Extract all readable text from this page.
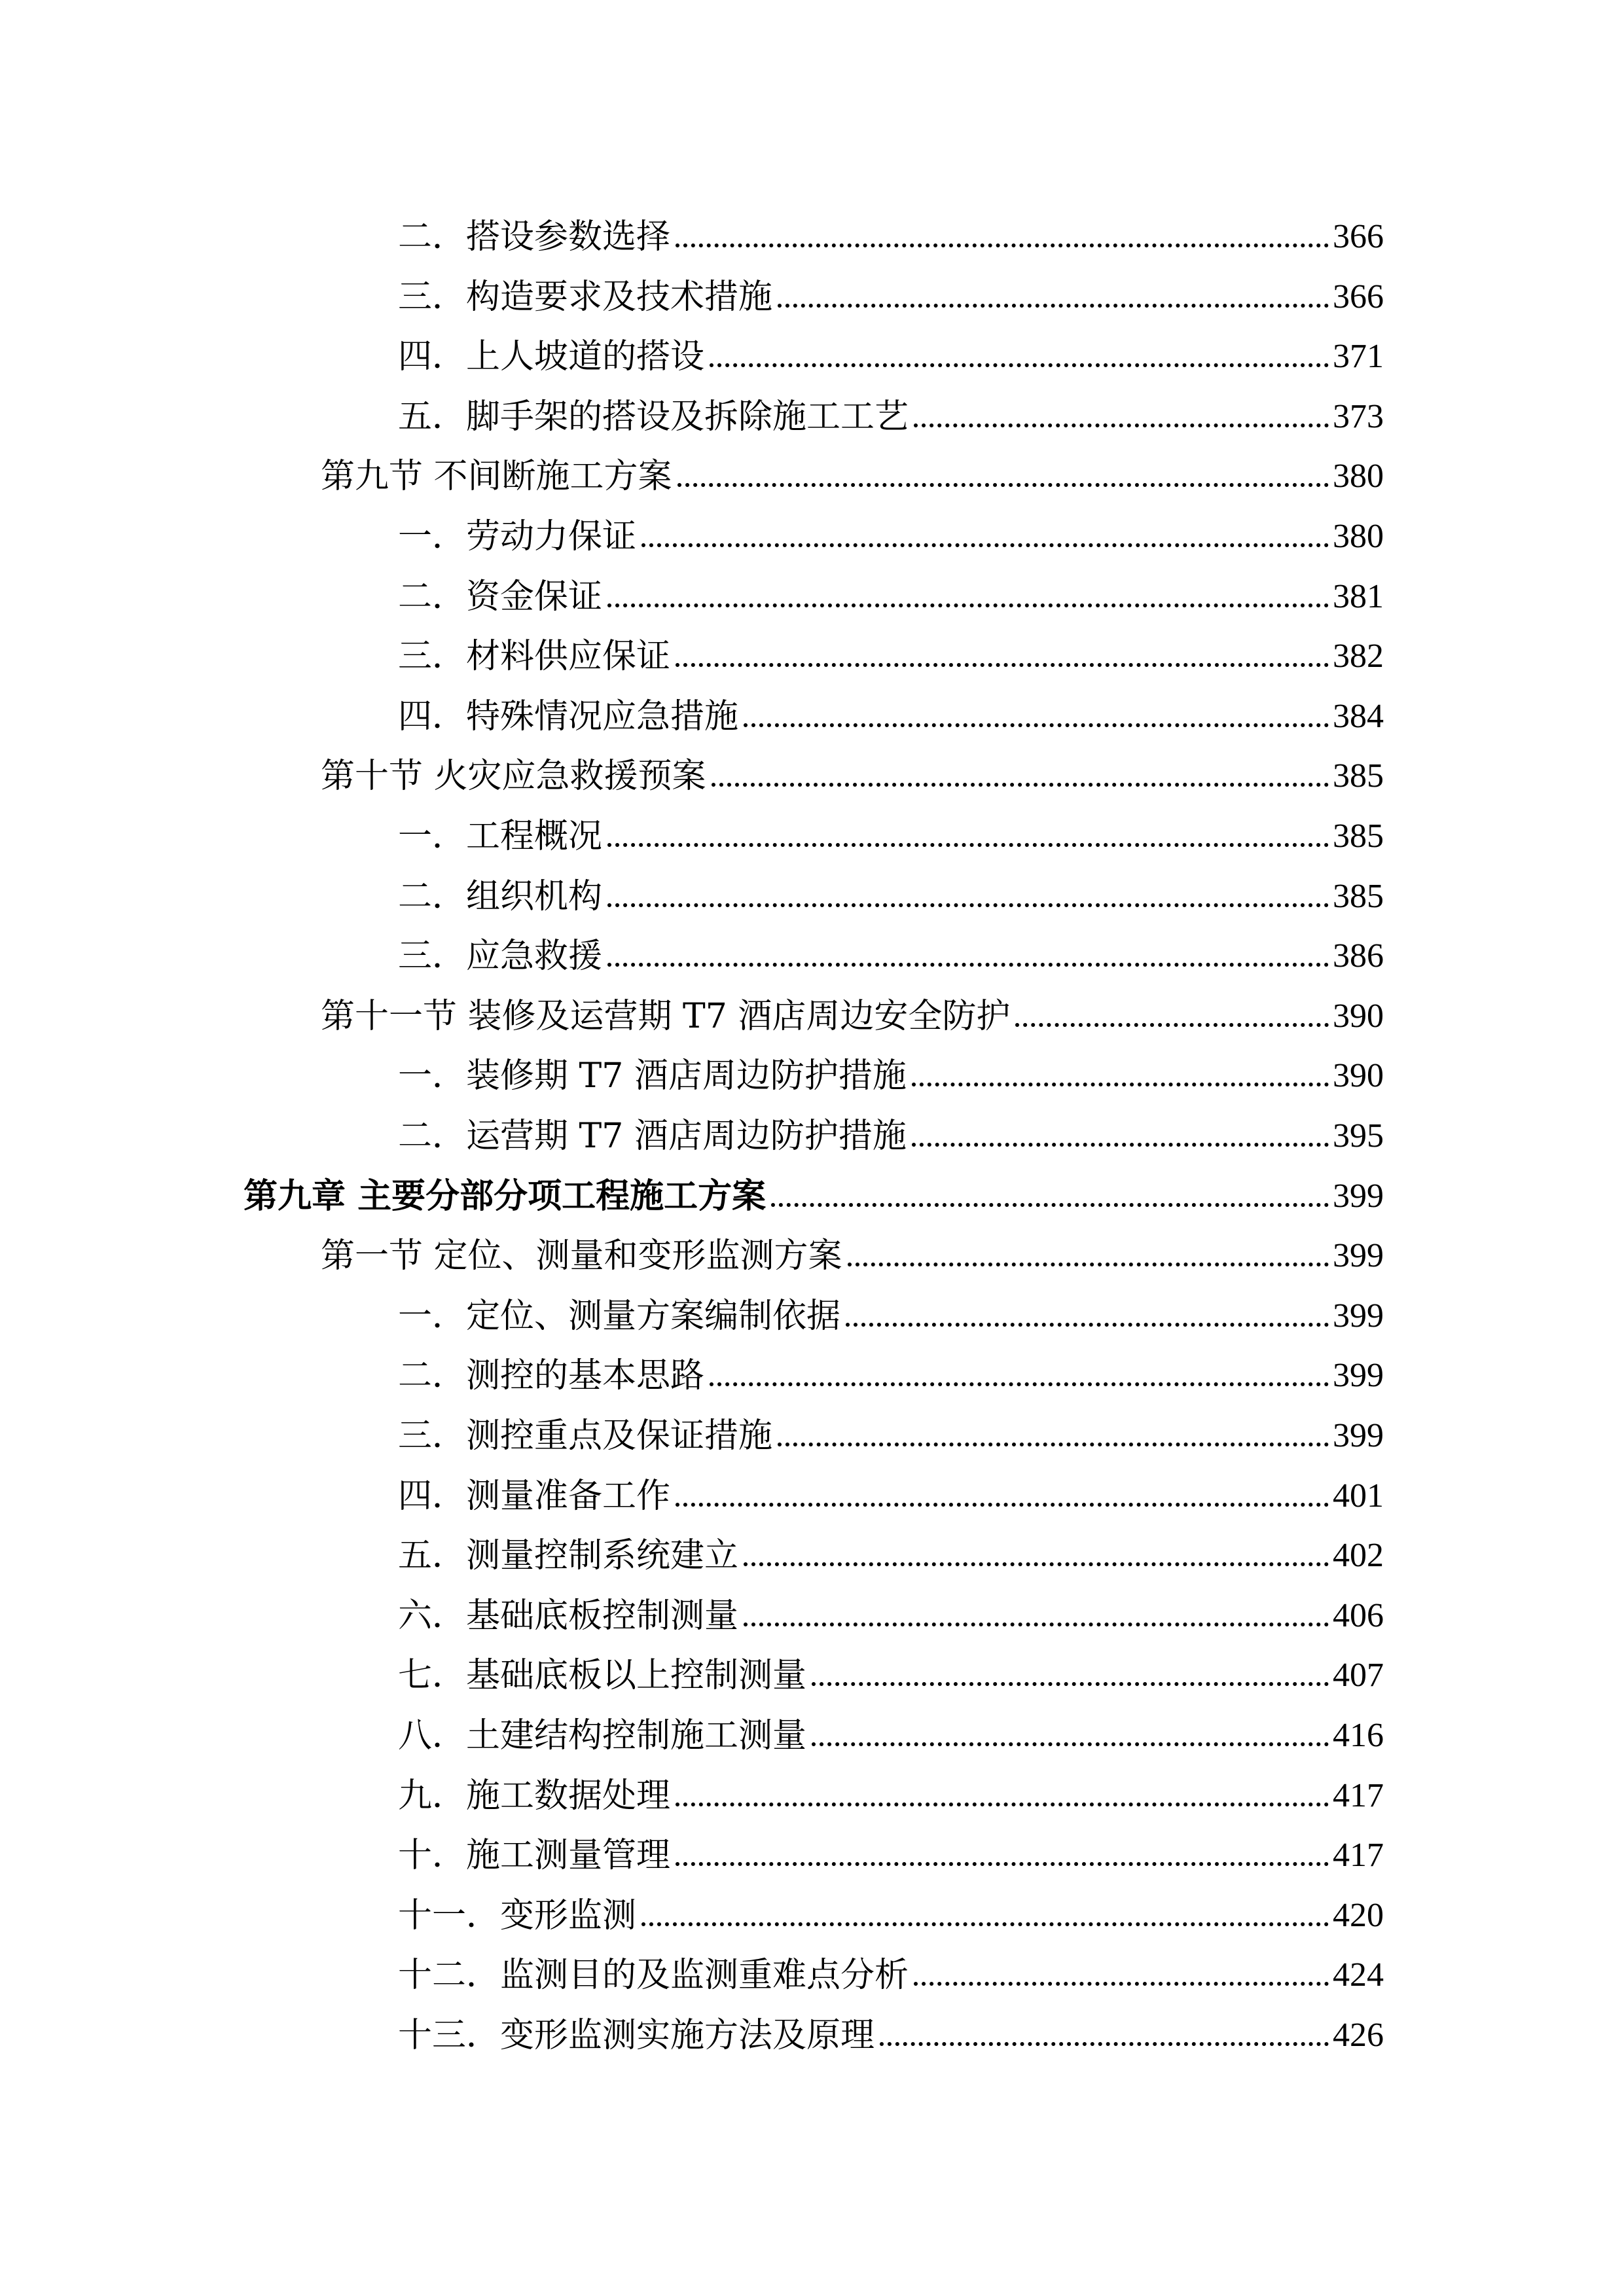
二．搭设参数选择	366
三．构造要求及技术措施	366
四．上人坡道的搭设	371
五．脚手架的搭设及拆除施工工艺	373
第九节 不间断施工方案	380
一．劳动力保证	380
二．资金保证	381
三．材料供应保证	382
四．特殊情况应急措施	384
第十节 火灾应急救援预案	385
一．工程概况	385
二．组织机构	385
三．应急救援	386
第十一节 装修及运营期 T7 酒店周边安全防护	390
一．装修期 T7 酒店周边防护措施	390
二．运营期 T7 酒店周边防护措施	395
第九章 主要分部分项工程施工方案	399
第一节 定位、测量和变形监测方案	399
一．定位、测量方案编制依据	399
二．测控的基本思路	399
三．测控重点及保证措施	399
四．测量准备工作	401
五．测量控制系统建立	402
六．基础底板控制测量	406
七．基础底板以上控制测量	407
八．土建结构控制施工测量	416
九．施工数据处理	417
十．施工测量管理	417
十一．变形监测	420
十二．监测目的及监测重难点分析	424
十三．变形监测实施方法及原理	426
